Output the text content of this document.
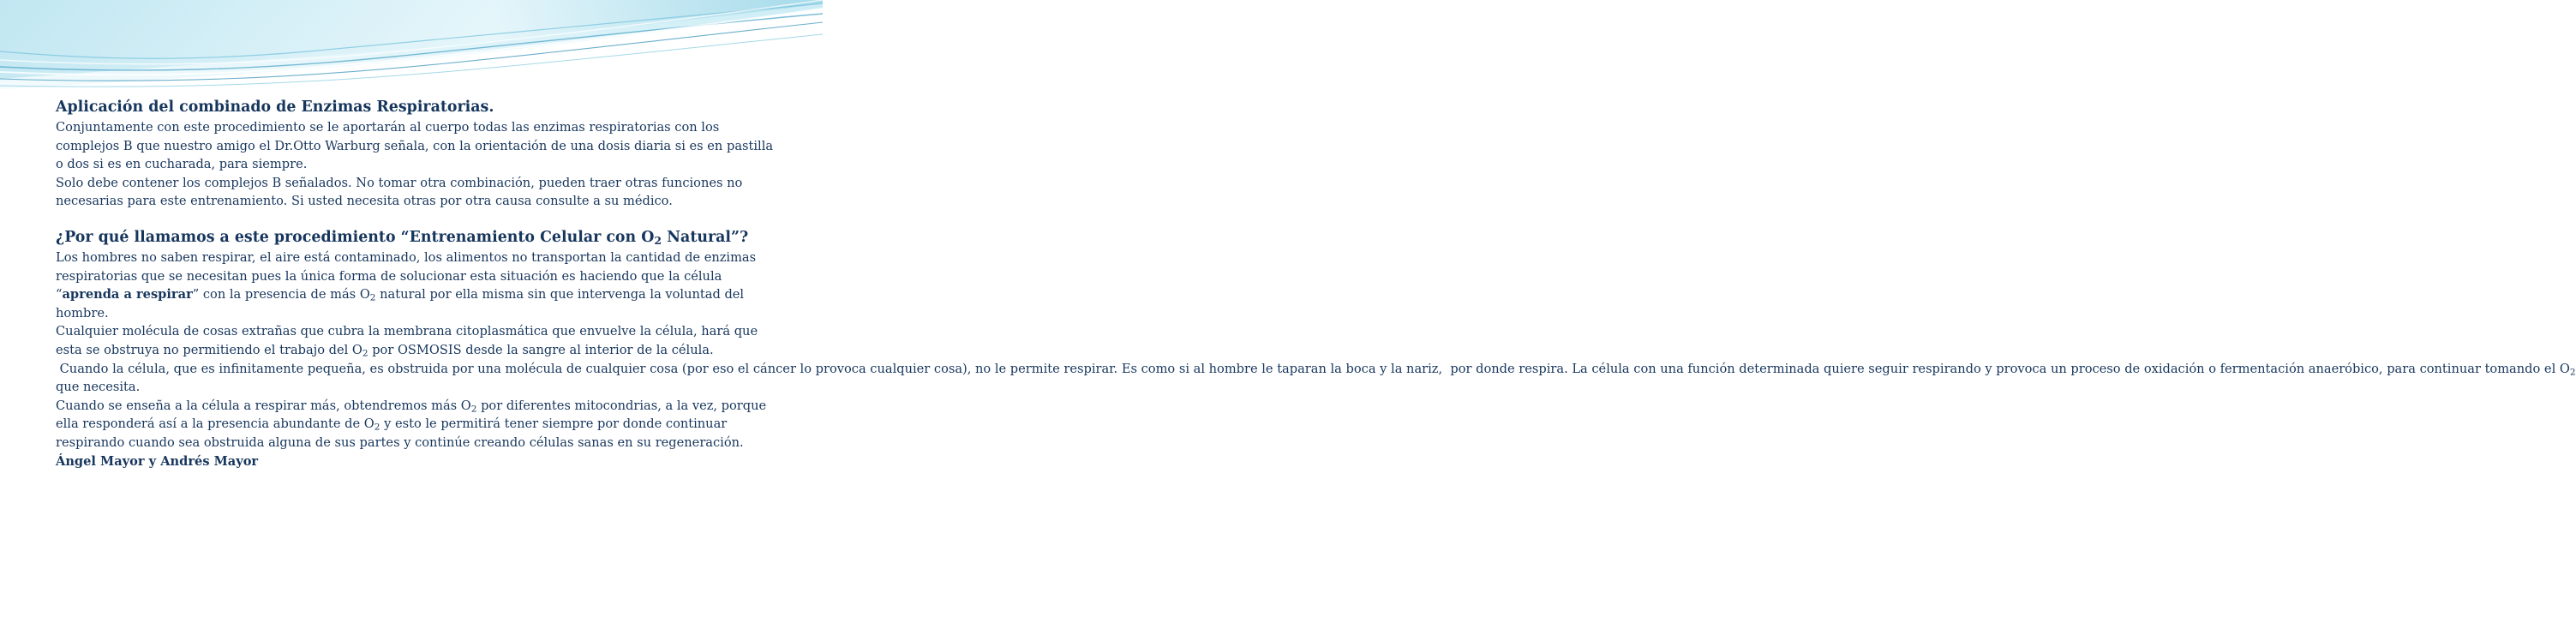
Aplicación del combinado de Enzimas Respiratorias.

Conjuntamente con este procedimiento se le aportarán al cuerpo todas las enzimas respiratorias con los complejos B que nuestro amigo el Dr.Otto Warburg señala, con la orientación de una dosis diaria si es en pastilla o dos si es en cucharada, para siempre.

Solo debe contener los complejos B señalados. No tomar otra combinación, pueden traer otras funciones no necesarias para este entrenamiento. Si usted necesita otras por otra causa consulte a su médico.

¿Por qué llamamos a este procedimiento “Entrenamiento Celular con $O_2$ Natural”?

Los hombres no saben respirar, el aire está contaminado, los alimentos no transportan la cantidad de enzimas respiratorias que se necesitan pues la única forma de solucionar esta situación es haciendo que la célula “aprenda a respirar” con la presencia de más $O_2$ natural por ella misma sin que intervenga la voluntad del hombre.

Cualquier molécula de cosas extrañas que cubra la membrana citoplasmática que envuelve la célula, hará que esta se obstruya no permitiendo el trabajo del $O_2$ por OSMOSIS desde la sangre al interior de la célula.

Cuando la célula, que es infinitamente pequeña, es obstruida por una molécula de cualquier cosa (por eso el cáncer lo provoca cualquier cosa), no le permite respirar. Es como si al hombre le taparan la boca y la nariz,  por donde respira. La célula con una función determinada quiere seguir respirando y provoca un proceso de oxidación o fermentación anaeróbico, para continuar tomando el $O_2$ que necesita.

Cuando se enseña a la célula a respirar más, obtendremos más $O_2$ por diferentes mitocondrias, a la vez, porque ella responderá así a la presencia abundante de $O_2$ y esto le permitirá tener siempre por donde continuar respirando cuando sea obstruida alguna de sus partes y continúe creando células sanas en su regeneración.

Ángel Mayor y Andrés Mayor
